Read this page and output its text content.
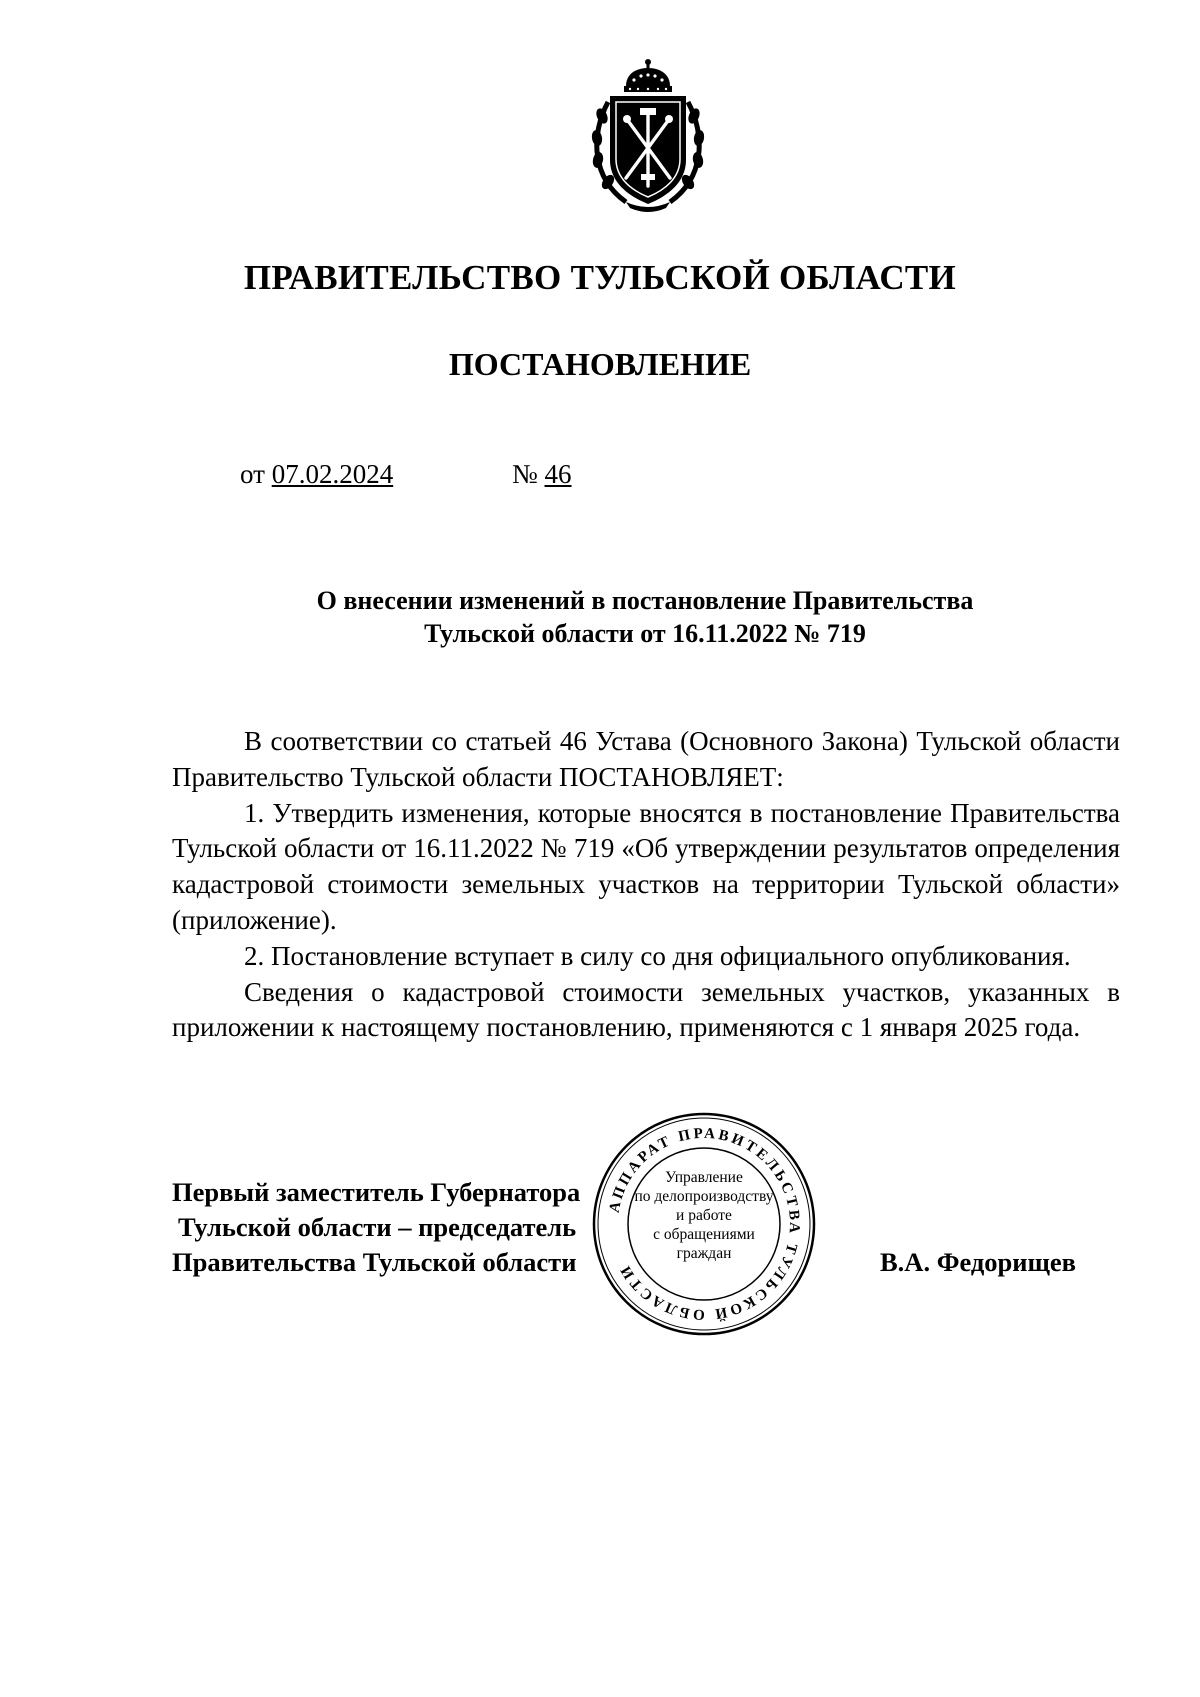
ПРАВИТЕЛЬСТВО ТУЛЬСКОЙ ОБЛАСТИ
ПОСТАНОВЛЕНИЕ
от 07.02.2024	№ 46
О внесении изменений в постановление Правительства
Тульской области от 16.11.2022 № 719

В соответствии со статьей 46 Устава (Основного Закона) Тульской области Правительство Тульской области ПОСТАНОВЛЯЕТ:

1. Утвердить изменения, которые вносятся в постановление Правительства Тульской области от 16.11.2022 № 719 «Об утверждении результатов определения кадастровой стоимости земельных участков на территории Тульской области» (приложение).

2. Постановление вступает в силу со дня официального опубликования.

Сведения о кадастровой стоимости земельных участков, указанных в приложении к настоящему постановлению, применяются с 1 января 2025 года.

Первый заместитель Губернатора
Тульской области – председатель
Правительства Тульской области	В.А. Федорищев
АППАРАТ ПРАВИТЕЛЬСТВА ТУЛЬСКОЙ ОБЛАСТИ
Управление
по делопроизводству
и работе
с обращениями
граждан
